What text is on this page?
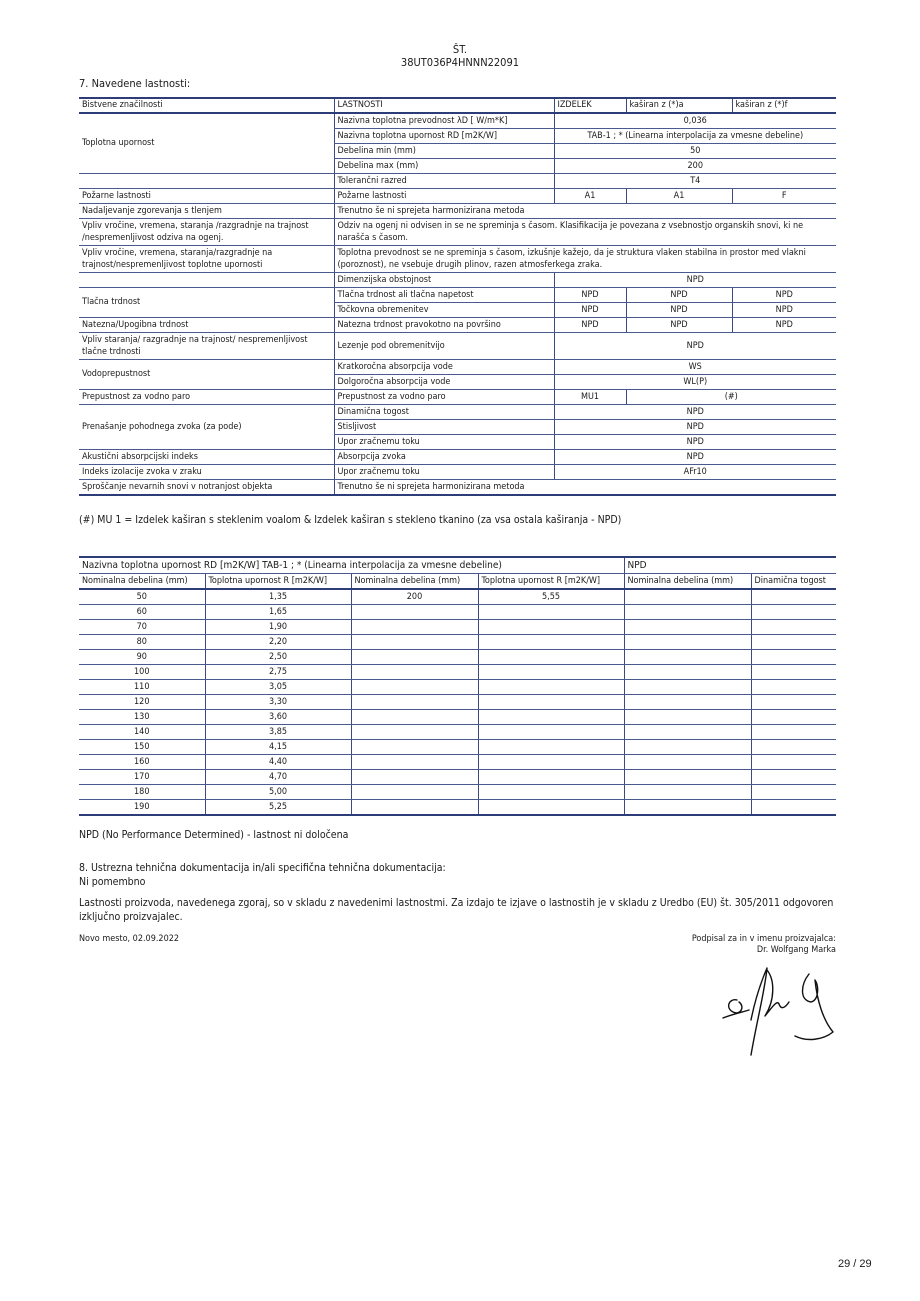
ŠT.
38UT036P4HNNN22091
7. Navedene lastnosti:
Bistvene značilnosti	LASTNOSTI	IZDELEK	kaširan z (*)a	kaširan z (*)f
Toplotna upornost	Nazivna toplotna prevodnost λD [ W/m*K]	0,036		
	Nazivna toplotna upornost RD [m2K/W]	TAB-1 ; * (Linearna interpolacija za vmesne debeline)		
	Debelina min (mm)	50		
	Debelina max (mm)	200		
	Tolerančni razred	T4		
Požarne lastnosti	Požarne lastnosti	A1	A1	F
Nadaljevanje zgorevanja s tlenjem	Trenutno še ni sprejeta harmonizirana metoda			
Vpliv vročine, vremena, staranja /razgradnje na trajnost /nespremenljivost odziva na ogenj.	Odziv na ogenj ni odvisen in se ne spreminja s časom. Klasifikacija je povezana z vsebnostjo organskih snovi, ki ne narašča s časom.			
Vpliv vročine, vremena, staranja/razgradnje na trajnost/nespremenljivost toplotne upornosti	Toplotna prevodnost se ne spreminja s časom, izkušnje kažejo, da je struktura vlaken stabilna in prostor med vlakni (poroznost), ne vsebuje drugih plinov, razen atmosferkega zraka.			
	Dimenzijska obstojnost	NPD		
Tlačna trdnost	Tlačna trdnost ali tlačna napetost	NPD	NPD	NPD
	Točkovna obremenitev	NPD	NPD	NPD
Natezna/Upogibna trdnost	Natezna trdnost pravokotno na površino	NPD	NPD	NPD
Vpliv staranja/ razgradnje na trajnost/ nespremenljivost tlačne trdnosti	Lezenje pod obremenitvijo	NPD		
Vodoprepustnost	Kratkoročna absorpcija vode	WS		
	Dolgoročna absorpcija vode	WL(P)		
Prepustnost za vodno paro	Prepustnost za vodno paro	MU1	(#)	
Prenašanje pohodnega zvoka (za pode)	Dinamična togost	NPD		
	Stisljivost	NPD		
	Upor zračnemu toku	NPD		
Akustični absorpcijski indeks	Absorpcija zvoka	NPD		
Indeks izolacije zvoka v zraku	Upor zračnemu toku	AFr10		
Sproščanje nevarnih snovi v notranjost objekta	Trenutno še ni sprejeta harmonizirana metoda			
(#) MU 1 = Izdelek kaširan s steklenim voalom & Izdelek kaširan s stekleno tkanino (za vsa ostala kaširanja - NPD)
Nazivna toplotna upornost RD [m2K/W] TAB-1 ; * (Linearna interpolacija za vmesne debeline)				NPD	
Nominalna debelina (mm)	Toplotna upornost R [m2K/W]	Nominalna debelina (mm)	Toplotna upornost R [m2K/W]	Nominalna debelina (mm)	Dinamična togost
50	1,35	200	5,55		
60	1,65				
70	1,90				
80	2,20				
90	2,50				
100	2,75				
110	3,05				
120	3,30				
130	3,60				
140	3,85				
150	4,15				
160	4,40				
170	4,70				
180	5,00				
190	5,25				
NPD (No Performance Determined) - lastnost ni določena
8. Ustrezna tehnična dokumentacija in/ali specifična tehnična dokumentacija:
Ni pomembno
Lastnosti proizvoda, navedenega zgoraj, so v skladu z navedenimi lastnostmi. Za izdajo te izjave o lastnostih je v skladu z Uredbo (EU) št. 305/2011 odgovoren izključno proizvajalec.
Novo mesto, 02.09.2022	Podpisal za in v imenu proizvajalca:
Dr. Wolfgang Marka
29 / 29
